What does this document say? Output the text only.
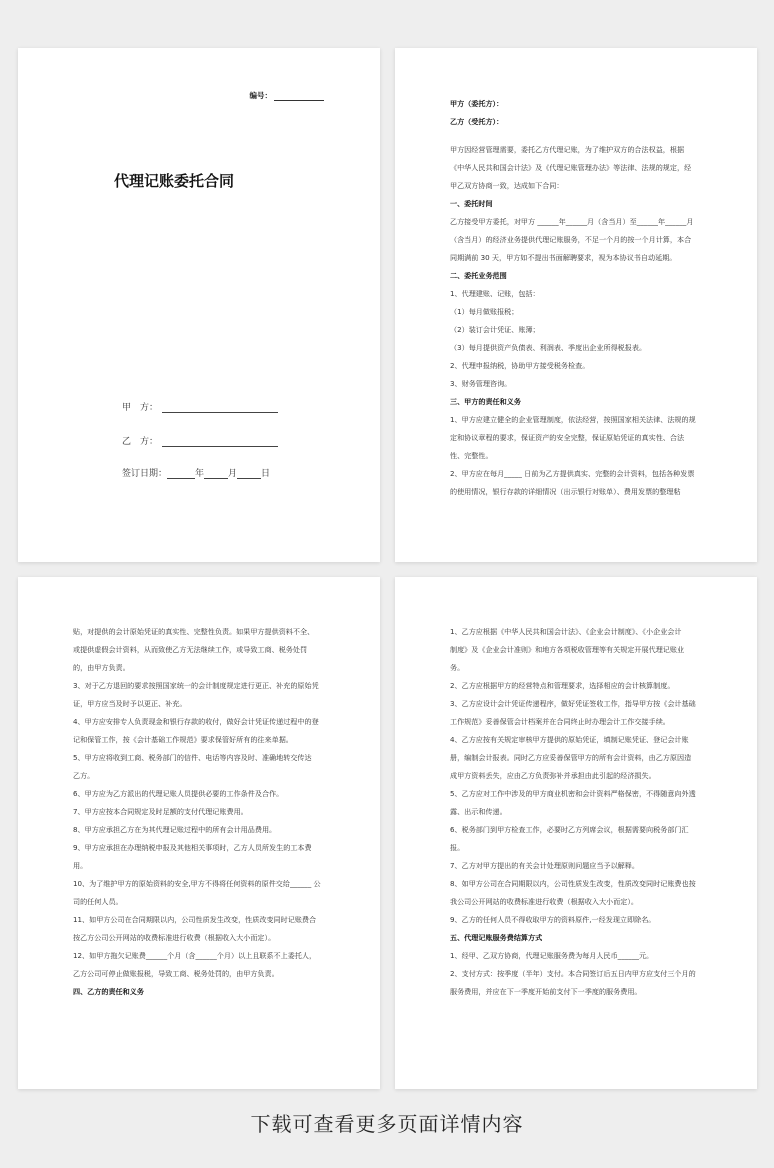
编号：
代理记账委托合同
甲　方：
乙　方：
签订日期：	年	月	日

甲方（委托方）：

乙方（受托方）：

甲方因经营管理需要，委托乙方代理记账，为了维护双方的合法权益，根据

《中华人民共和国会计法》及《代理记账管理办法》等法律、法规的规定，经

甲乙双方协商一致，达成如下合同：

一、委托时间

乙方接受甲方委托，对甲方 ______年______月（含当月）至______年______月

（含当月）的经济业务提供代理记账服务，不足一个月的按一个月计算，本合

同期满前 30 天，甲方如不提出书面解聘要求，视为本协议书自动延期。

二、委托业务范围

1、代理建账、记账，包括：

（1）每月做账报税；

（2）装订会计凭证、账簿；

（3）每月提供资产负债表、利润表、季度出企业所得税报表。

2、代理申报纳税，协助甲方接受税务检查。

3、财务管理咨询。

三、甲方的责任和义务

1、甲方应建立健全的企业管理制度，依法经营，按照国家相关法律、法规的规

定和协议章程的要求，保证资产的安全完整，保证原始凭证的真实性、合法

性、完整性。

2、甲方应在每月_____ 日前为乙方提供真实、完整的会计资料，包括各种发票

的使用情况，银行存款的详细情况（出示银行对账单）、费用发票的整理粘

贴，对提供的会计原始凭证的真实性、完整性负责。如果甲方提供资料不全、

或提供虚假会计资料，从而致使乙方无法继续工作，或导致工商、税务处罚

的，由甲方负责。

3、对于乙方退回的要求按照国家统一的会计制度规定进行更正、补充的原始凭

证，甲方应当及时予以更正、补充。

4、甲方应安排专人负责现金和银行存款的收付，做好会计凭证传递过程中的登

记和保管工作，按《会计基础工作规范》要求保管好所有的往来单据。

5、甲方应将收到工商、税务部门的信件、电话等内容及时、准确地转交传达

乙方。

6、甲方应为乙方派出的代理记账人员提供必要的工作条件及合作。

7、甲方应按本合同规定及时足额的支付代理记账费用。

8、甲方应承担乙方在为其代理记账过程中的所有会计用品费用。

9、甲方应承担在办理纳税申报及其他相关事项时，乙方人员所发生的工本费

用。

10、为了维护甲方的原始资料的安全,甲方不得将任何资料的原件交给______ 公

司的任何人员。

11、如甲方公司在合同期限以内，公司性质发生改变，性质改变同时记账费合

按乙方公司公开网站的收费标准进行收费（根据收入大小而定）。

12、如甲方拖欠记账费______个月（含______个月）以上且联系不上委托人，

乙方公司可停止做账报税，导致工商、税务处罚的，由甲方负责。

四、乙方的责任和义务

1、乙方应根据《中华人民共和国会计法》、《企业会计制度》、《小企业会计

制度》及《企业会计准则》和地方各项税收管理等有关规定开展代理记账业

务。

2、乙方应根据甲方的经营特点和管理要求，选择相应的会计核算制度。

3、乙方应设计会计凭证传递程序，做好凭证签收工作，指导甲方按《会计基础

工作规范》妥善保管会计档案并在合同终止时办理会计工作交接手续。

4、乙方应按有关规定审核甲方提供的原始凭证，填制记账凭证、登记会计账

册，编制会计报表。同时乙方应妥善保管甲方的所有会计资料，由乙方原因造

成甲方资料丢失，应由乙方负责弥补并承担由此引起的经济损失。

5、乙方应对工作中涉及的甲方商业机密和会计资料严格保密，不得随意向外透

露、出示和传递。

6、税务部门到甲方检查工作，必要时乙方列席会议，根据需要向税务部门汇

报。

7、乙方对甲方提出的有关会计处理原则问题应当予以解释。

8、如甲方公司在合同期限以内，公司性质发生改变，性质改变同时记账费也按

我公司公开网站的收费标准进行收费（根据收入大小而定）。

9、乙方的任何人员不得收取甲方的资料原件,一经发现立即除名。

五、代理记账服务费结算方式

1、经甲、乙双方协商，代理记账服务费为每月人民币______元。

2、支付方式：按季度（半年）支付。本合同签订后五日内甲方应支付三个月的

服务费用，并应在下一季度开始前支付下一季度的服务费用。

下载可查看更多页面详情内容
